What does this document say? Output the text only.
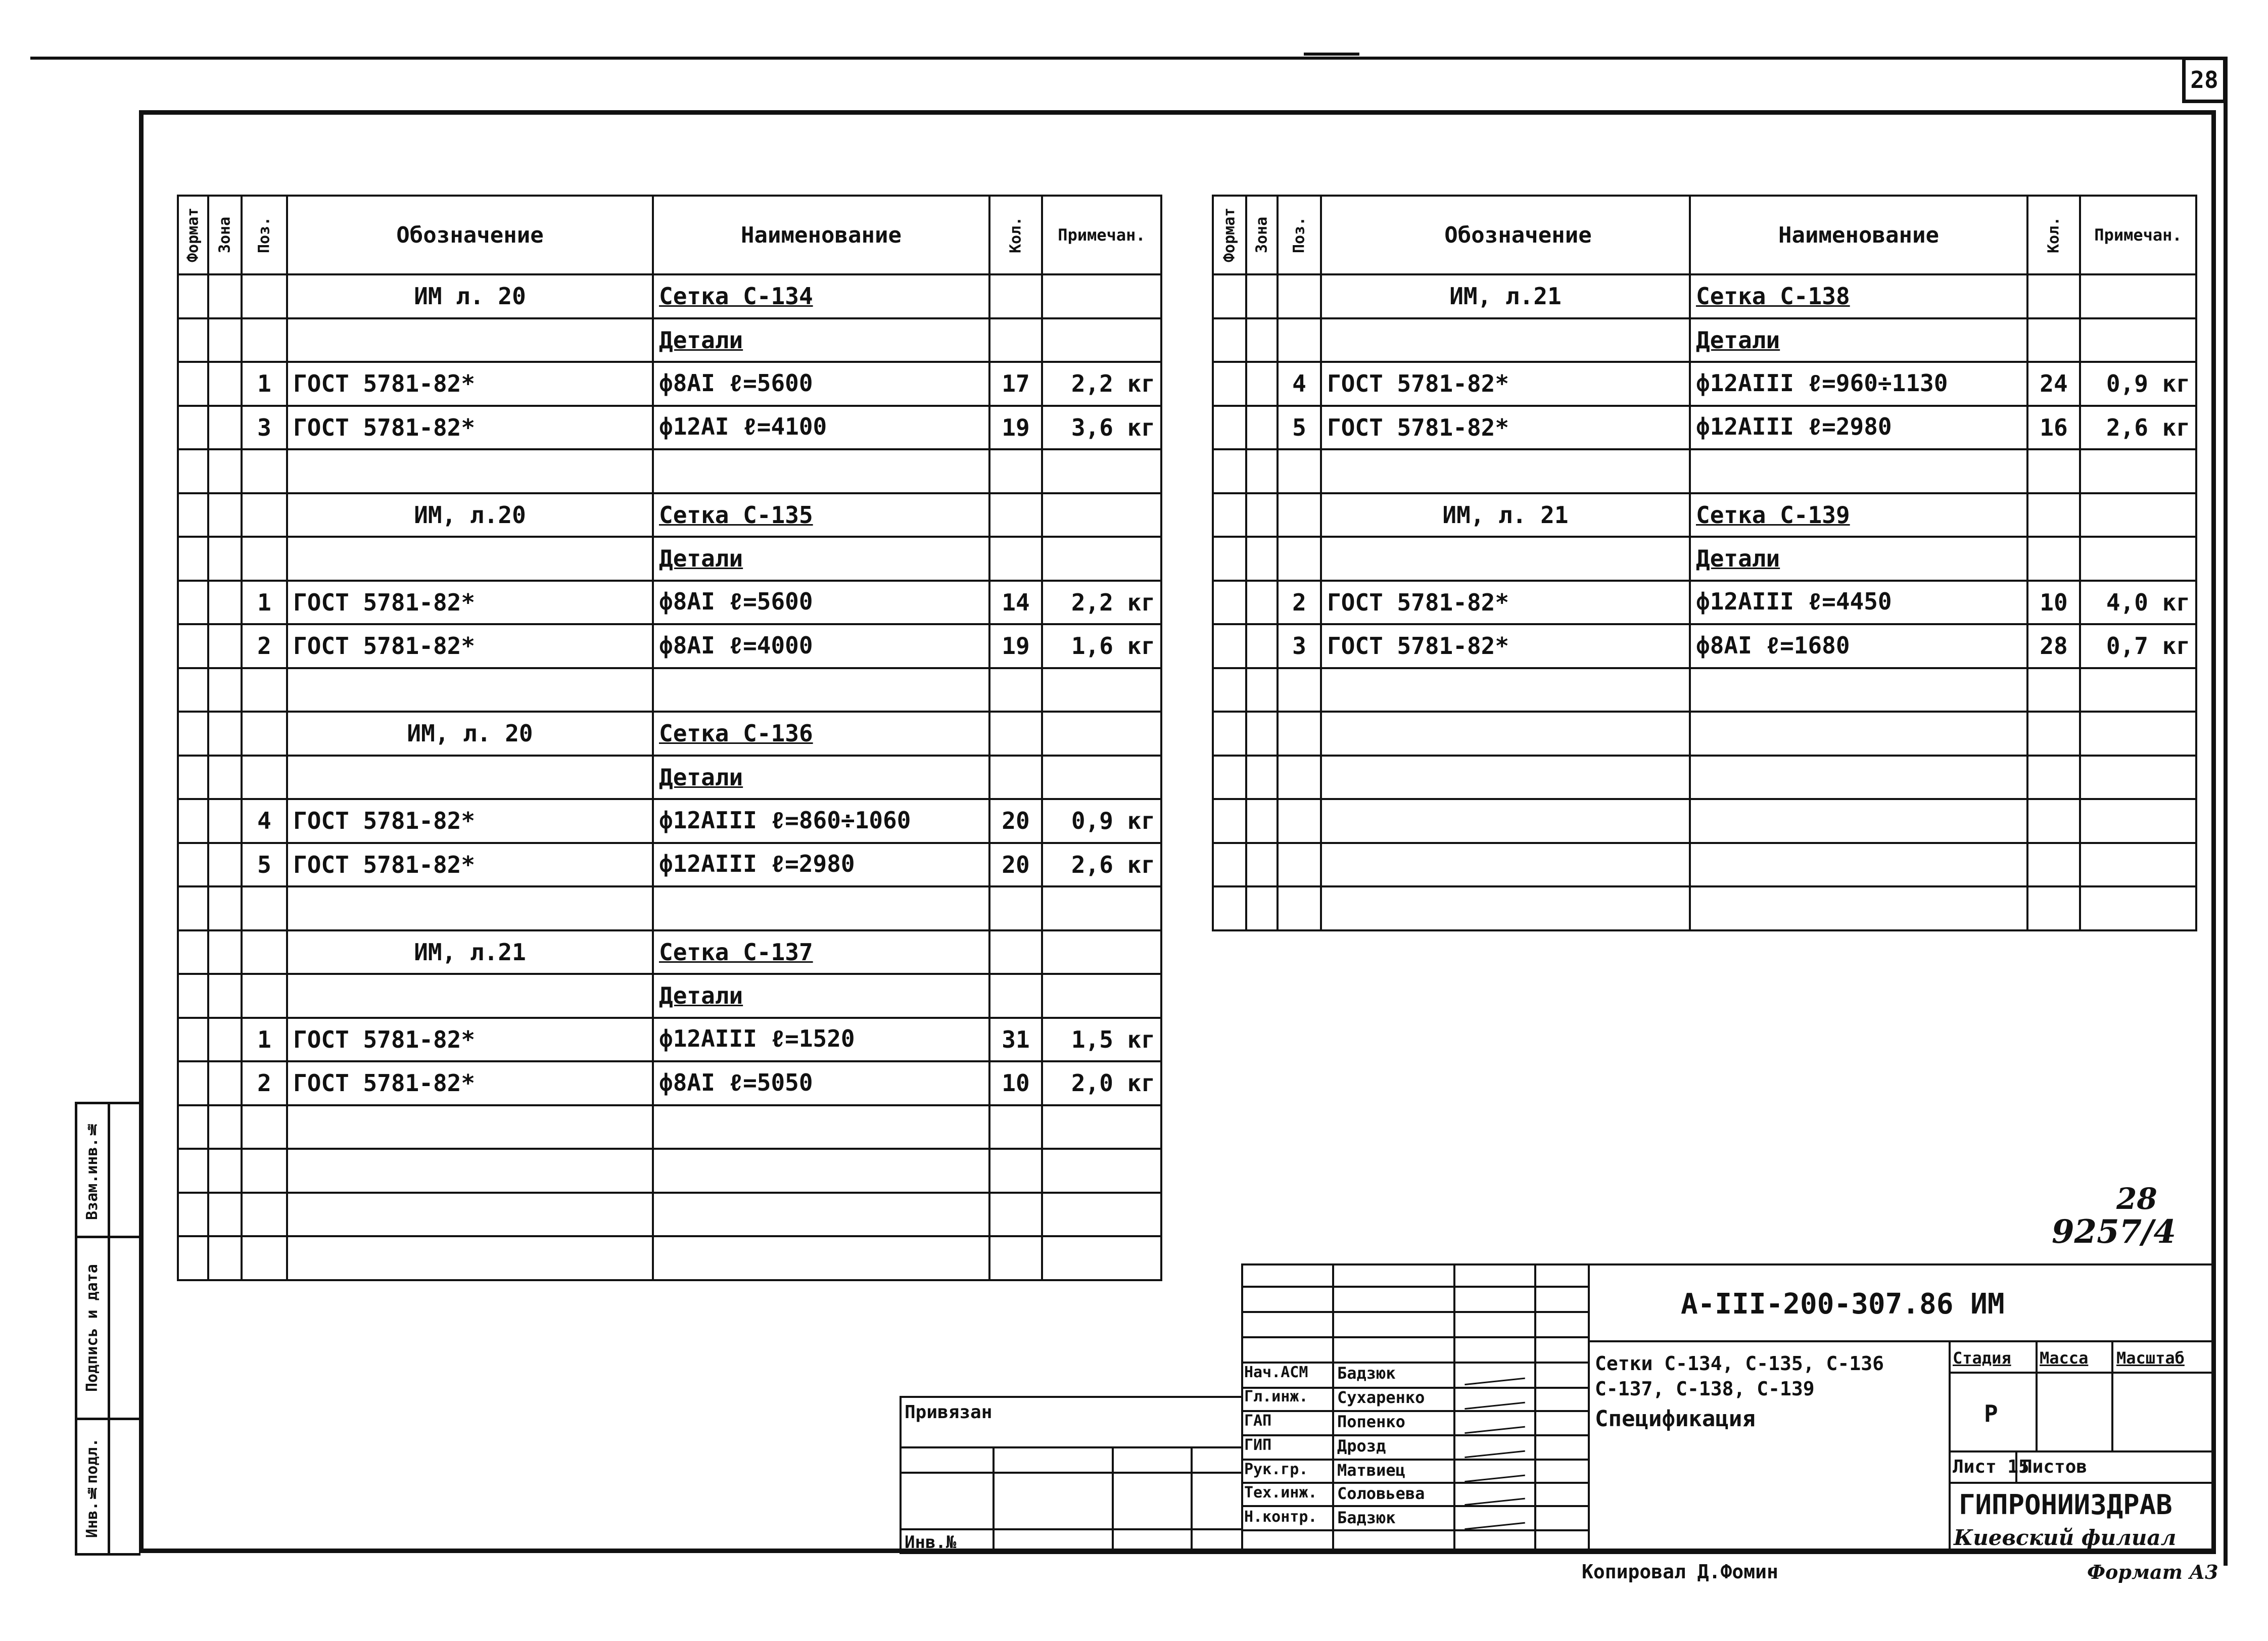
28
Формат	Зона	Поз.	Обозначение	Наименование	Кол.	Примечан.
			ИМ л. 20	Сетка С-134		
				Детали		
		1	ГОСТ 5781-82*	ф8АI ℓ=5600	17	2,2 кг
		3	ГОСТ 5781-82*	ф12АI ℓ=4100	19	3,6 кг

			ИМ, л.20	Сетка С-135		
				Детали		
		1	ГОСТ 5781-82*	ф8АI ℓ=5600	14	2,2 кг
		2	ГОСТ 5781-82*	ф8АI ℓ=4000	19	1,6 кг

			ИМ, л. 20	Сетка С-136		
				Детали		
		4	ГОСТ 5781-82*	ф12АIII ℓ=860÷1060	20	0,9 кг
		5	ГОСТ 5781-82*	ф12АIII ℓ=2980	20	2,6 кг

			ИМ, л.21	Сетка С-137		
				Детали		
		1	ГОСТ 5781-82*	ф12АIII ℓ=1520	31	1,5 кг
		2	ГОСТ 5781-82*	ф8АI ℓ=5050	10	2,0 кг

Формат	Зона	Поз.	Обозначение	Наименование	Кол.	Примечан.
			ИМ, л.21	Сетка С-138		
				Детали		
		4	ГОСТ 5781-82*	ф12АIII ℓ=960÷1130	24	0,9 кг
		5	ГОСТ 5781-82*	ф12АIII ℓ=2980	16	2,6 кг

			ИМ, л. 21	Сетка С-139		
				Детали		
		2	ГОСТ 5781-82*	ф12АIII ℓ=4450	10	4,0 кг
		3	ГОСТ 5781-82*	ф8АI ℓ=1680	28	0,7 кг

Взам.инв.№
Подпись и дата
Инв.№подл.
28
9257/4
Нач.АСМ Бадзюк
Гл.инж. Сухаренко
ГАП	Попенко
ГИП	Дрозд
Рук.гр. Матвиец
Тех.инж. Соловьева
Н.контр. Бадзюк
А-III-200-307.86 ИМ
Сетки С-134, С-135, С-136
С-137, С-138, С-139
Спецификация
Стадия Масса Масштаб
Р
Лист 15
Листов
ГИПРОНИИЗДРАВ
Киевский филиал
Привязан
Инв.№
Копировал Д.Фомин	Формат А3
